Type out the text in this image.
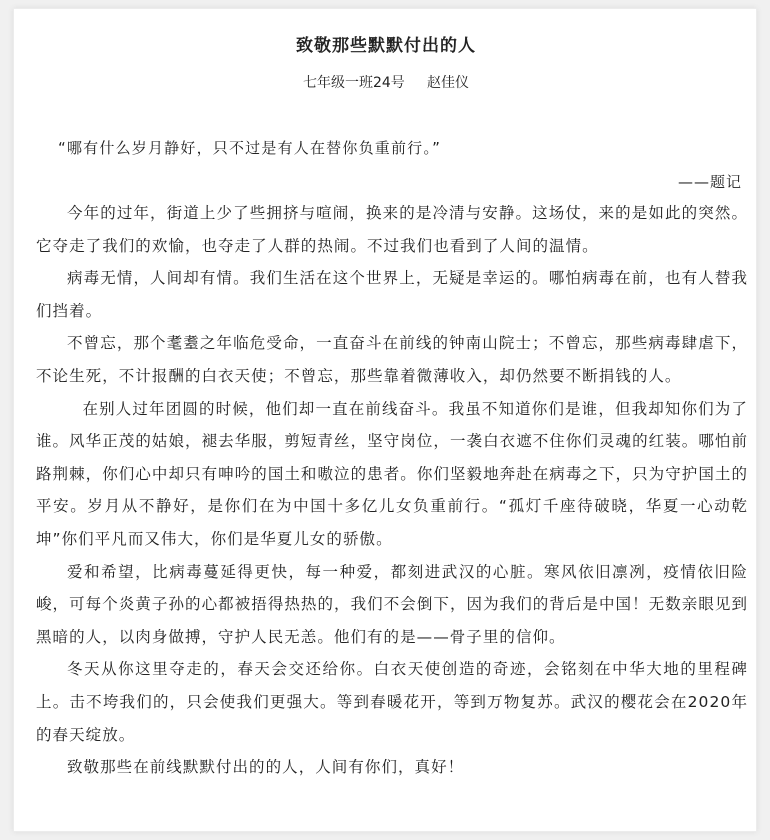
致敬那些默默付出的人
七年级一班24号     赵佳仪

“哪有什么岁月静好，只不过是有人在替你负重前行。”

——题记

今年的过年，街道上少了些拥挤与喧闹，换来的是冷清与安静。这场仗，来的是如此的突然。它夺走了我们的欢愉，也夺走了人群的热闹。不过我们也看到了人间的温情。

病毒无情，人间却有情。我们生活在这个世界上，无疑是幸运的。哪怕病毒在前，也有人替我们挡着。

不曾忘，那个耄耋之年临危受命，一直奋斗在前线的钟南山院士；不曾忘，那些病毒肆虐下，不论生死，不计报酬的白衣天使；不曾忘，那些靠着微薄收入，却仍然要不断捐钱的人。

在别人过年团圆的时候，他们却一直在前线奋斗。我虽不知道你们是谁，但我却知你们为了谁。风华正茂的姑娘，褪去华服，剪短青丝，坚守岗位，一袭白衣遮不住你们灵魂的红装。哪怕前路荆棘，你们心中却只有呻吟的国土和嗷泣的患者。你们坚毅地奔赴在病毒之下，只为守护国土的平安。岁月从不静好，是你们在为中国十多亿儿女负重前行。“孤灯千座待破晓，华夏一心动乾坤”你们平凡而又伟大，你们是华夏儿女的骄傲。

爱和希望，比病毒蔓延得更快，每一种爱，都刻进武汉的心脏。寒风依旧凛冽，疫情依旧险峻，可每个炎黄子孙的心都被捂得热热的，我们不会倒下，因为我们的背后是中国！无数亲眼见到黑暗的人，以肉身做搏，守护人民无恙。他们有的是——骨子里的信仰。

冬天从你这里夺走的，春天会交还给你。白衣天使创造的奇迹，会铭刻在中华大地的里程碑上。击不垮我们的，只会使我们更强大。等到春暖花开，等到万物复苏。武汉的樱花会在2020年的春天绽放。

致敬那些在前线默默付出的的人，人间有你们，真好！
